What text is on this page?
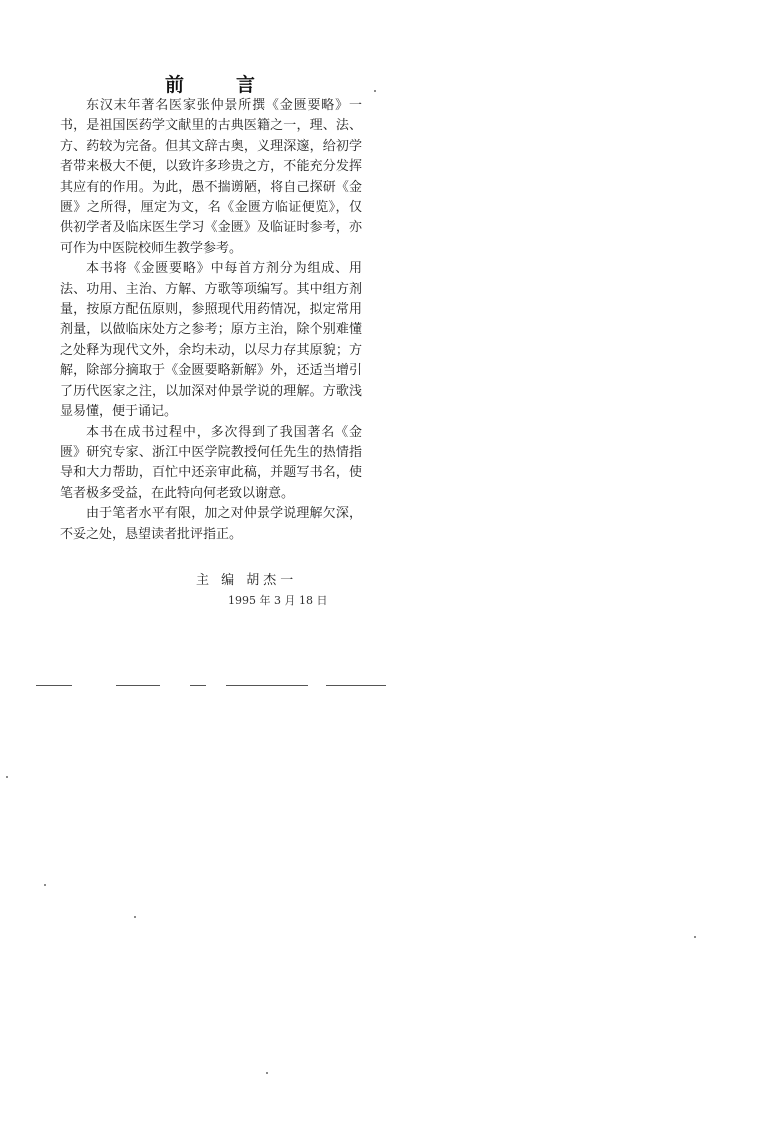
前言

东汉末年著名医家张仲景所撰《金匮要略》一书，是祖国医药学文献里的古典医籍之一，理、法、方、药较为完备。但其文辞古奥，义理深邃，给初学者带来极大不便，以致许多珍贵之方，不能充分发挥其应有的作用。为此，愚不揣谫陋，将自己探研《金匮》之所得，厘定为文，名《金匮方临证便览》，仅供初学者及临床医生学习《金匮》及临证时参考，亦可作为中医院校师生教学参考。

本书将《金匮要略》中每首方剂分为组成、用法、功用、主治、方解、方歌等项编写。其中组方剂量，按原方配伍原则，参照现代用药情况，拟定常用剂量，以做临床处方之参考；原方主治，除个别难懂之处释为现代文外，余均未动，以尽力存其原貌；方解，除部分摘取于《金匮要略新解》外，还适当增引了历代医家之注，以加深对仲景学说的理解。方歌浅显易懂，便于诵记。

本书在成书过程中，多次得到了我国著名《金匮》研究专家、浙江中医学院教授何任先生的热情指导和大力帮助，百忙中还亲审此稿，并题写书名，使笔者极多受益，在此特向何老致以谢意。

由于笔者水平有限，加之对仲景学说理解欠深，不妥之处，恳望读者批评指正。

主 编 胡杰一
1995 年 3 月 18 日
